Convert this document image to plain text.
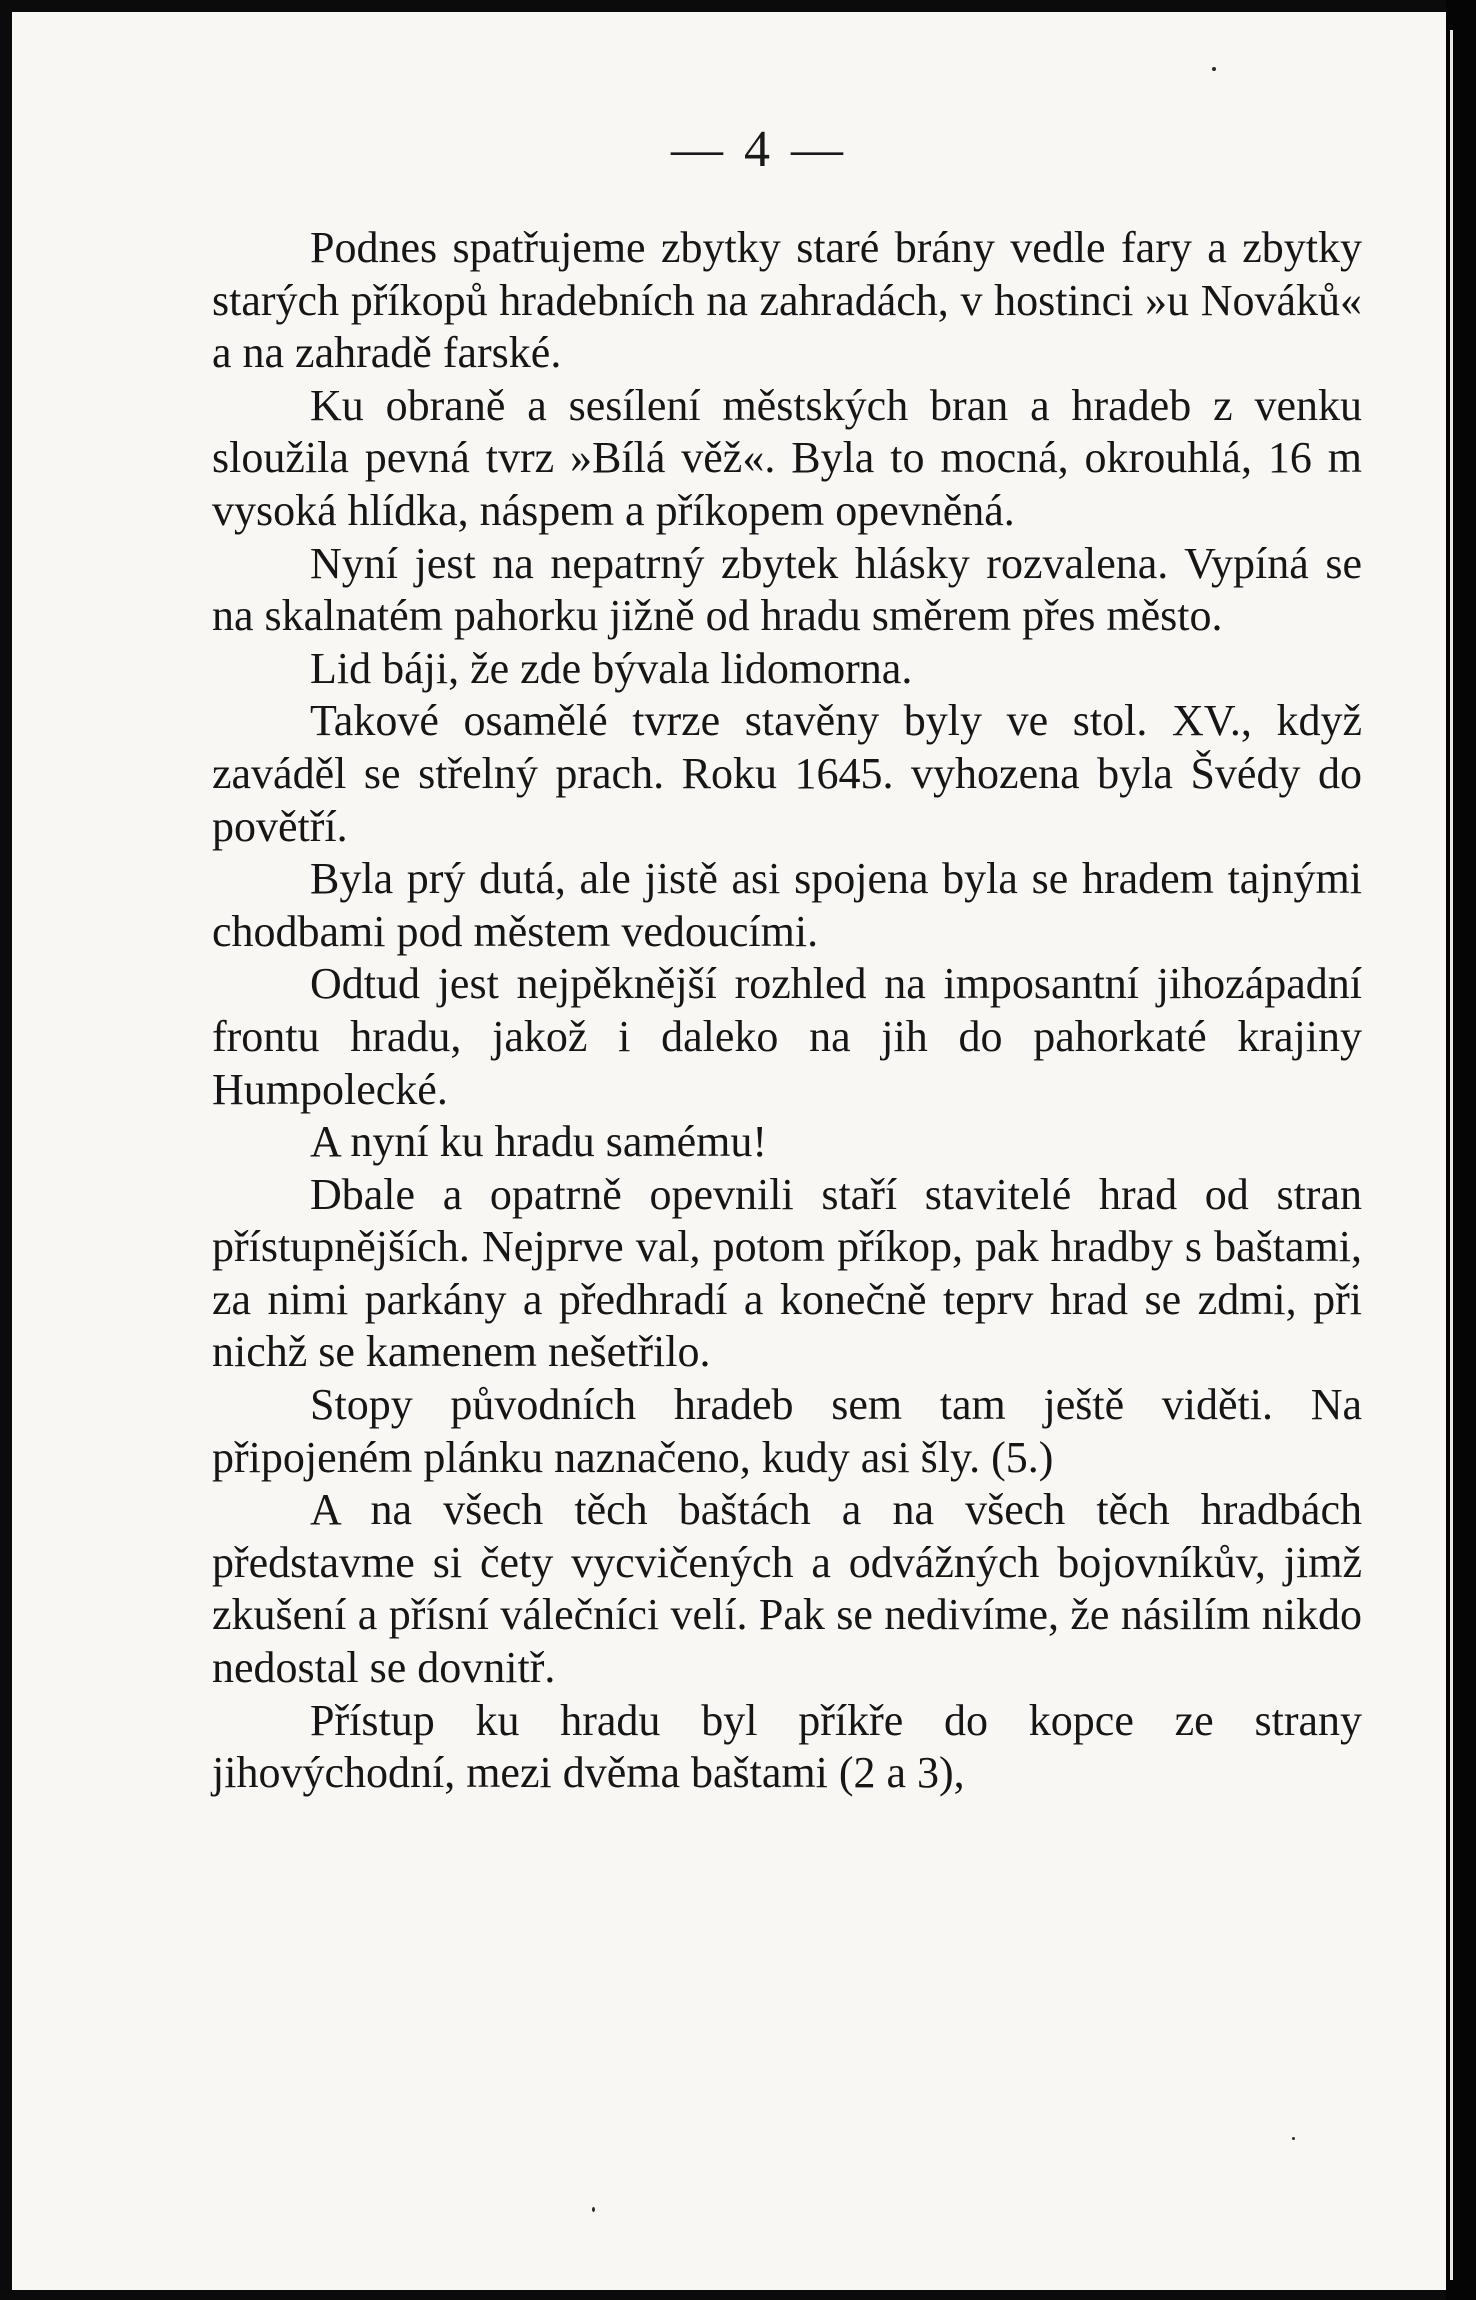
— 4 —

Podnes spatřujeme zbytky staré brány vedle fary a zbytky starých příkopů hradebních na zahradách, v hostinci »u Nováků« a na zahradě farské.

Ku obraně a sesílení městských bran a hradeb z venku sloužila pevná tvrz »Bílá věž«. Byla to mocná, okrouhlá, 16 m vysoká hlídka, náspem a příkopem opevněná.

Nyní jest na nepatrný zbytek hlásky rozvalena. Vypíná se na skalnatém pahorku jižně od hradu směrem přes město.

Lid báji, že zde bývala lidomorna.

Takové osamělé tvrze stavěny byly ve stol. XV., když zaváděl se střelný prach. Roku 1645. vyhozena byla Švédy do povětří.

Byla prý dutá, ale jistě asi spojena byla se hradem tajnými chodbami pod městem vedoucími.

Odtud jest nejpěknější rozhled na imposantní jihozápadní frontu hradu, jakož i daleko na jih do pahorkaté krajiny Humpolecké.

A nyní ku hradu samému!

Dbale a opatrně opevnili staří stavitelé hrad od stran přístupnějších. Nejprve val, potom příkop, pak hradby s baštami, za nimi parkány a předhradí a konečně teprv hrad se zdmi, při nichž se kamenem nešetřilo.

Stopy původních hradeb sem tam ještě viděti. Na připojeném plánku naznačeno, kudy asi šly. (5.)

A na všech těch baštách a na všech těch hradbách představme si čety vycvičených a odvážných bojovníkův, jimž zkušení a přísní válečníci velí. Pak se nedivíme, že násilím nikdo nedostal se dovnitř.

Přístup ku hradu byl příkře do kopce ze strany jihovýchodní, mezi dvěma baštami (2 a 3),
